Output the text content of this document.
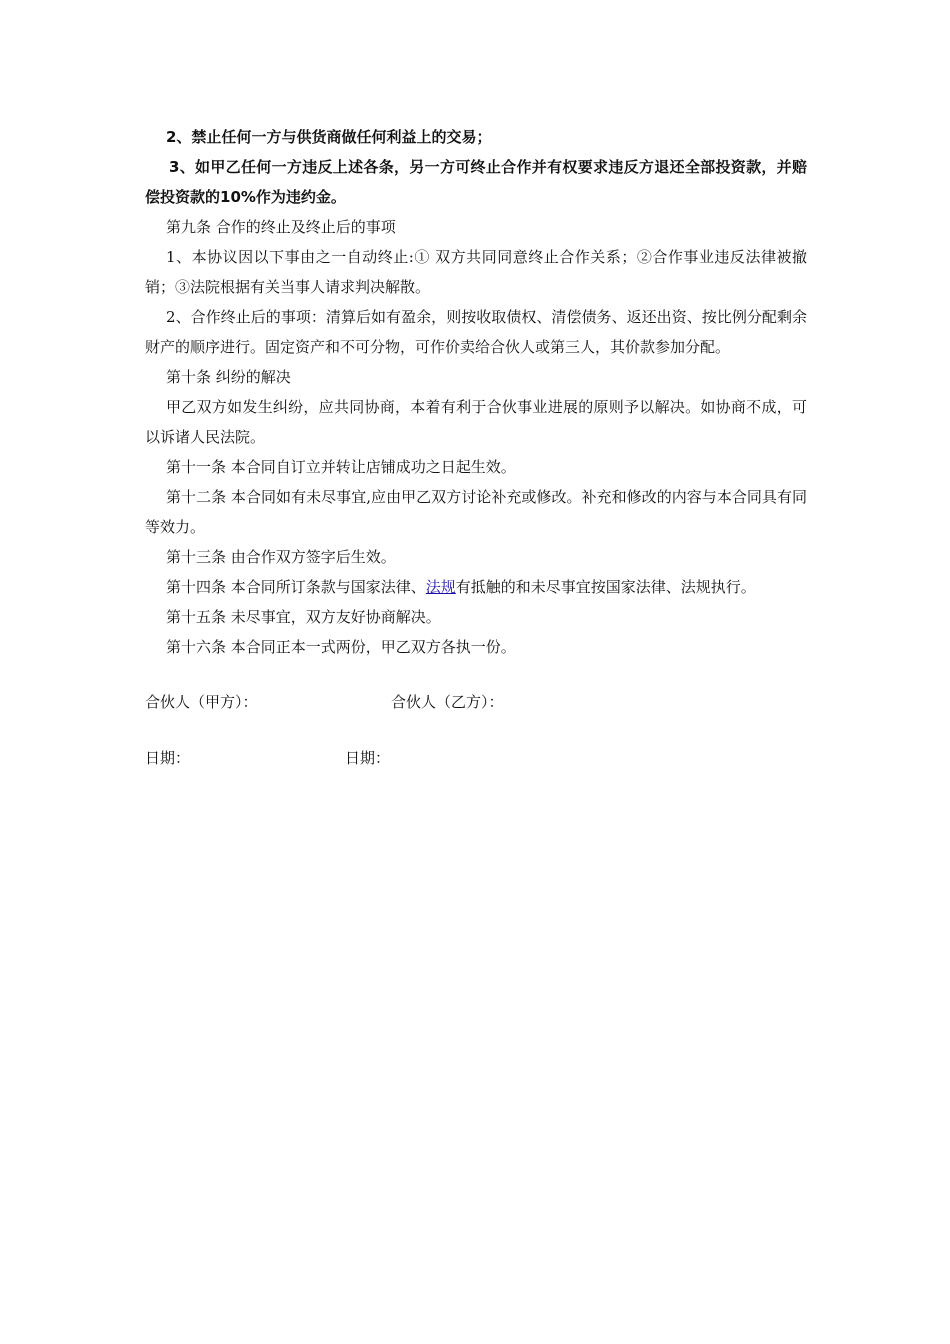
2、禁止任何一方与供货商做任何利益上的交易；

3、如甲乙任何一方违反上述各条，另一方可终止合作并有权要求违反方退还全部投资款，并赔偿投资款的10%作为违约金。

第九条 合作的终止及终止后的事项

1、本协议因以下事由之一自动终止:① 双方共同同意终止合作关系；②合作事业违反法律被撤销；③法院根据有关当事人请求判决解散。

2、合作终止后的事项：清算后如有盈余，则按收取债权、清偿债务、返还出资、按比例分配剩余财产的顺序进行。固定资产和不可分物，可作价卖给合伙人或第三人，其价款参加分配。

第十条 纠纷的解决

甲乙双方如发生纠纷，应共同协商，本着有利于合伙事业进展的原则予以解决。如协商不成，可以诉诸人民法院。

第十一条 本合同自订立并转让店铺成功之日起生效。

第十二条 本合同如有未尽事宜,应由甲乙双方讨论补充或修改。补充和修改的内容与本合同具有同等效力。

第十三条 由合作双方签字后生效。

第十四条 本合同所订条款与国家法律、法规有抵触的和未尽事宜按国家法律、法规执行。

第十五条 未尽事宜，双方友好协商解决。

第十六条 本合同正本一式两份，甲乙双方各执一份。

合伙人（甲方）：	合伙人（乙方）：
日期：	日期：
